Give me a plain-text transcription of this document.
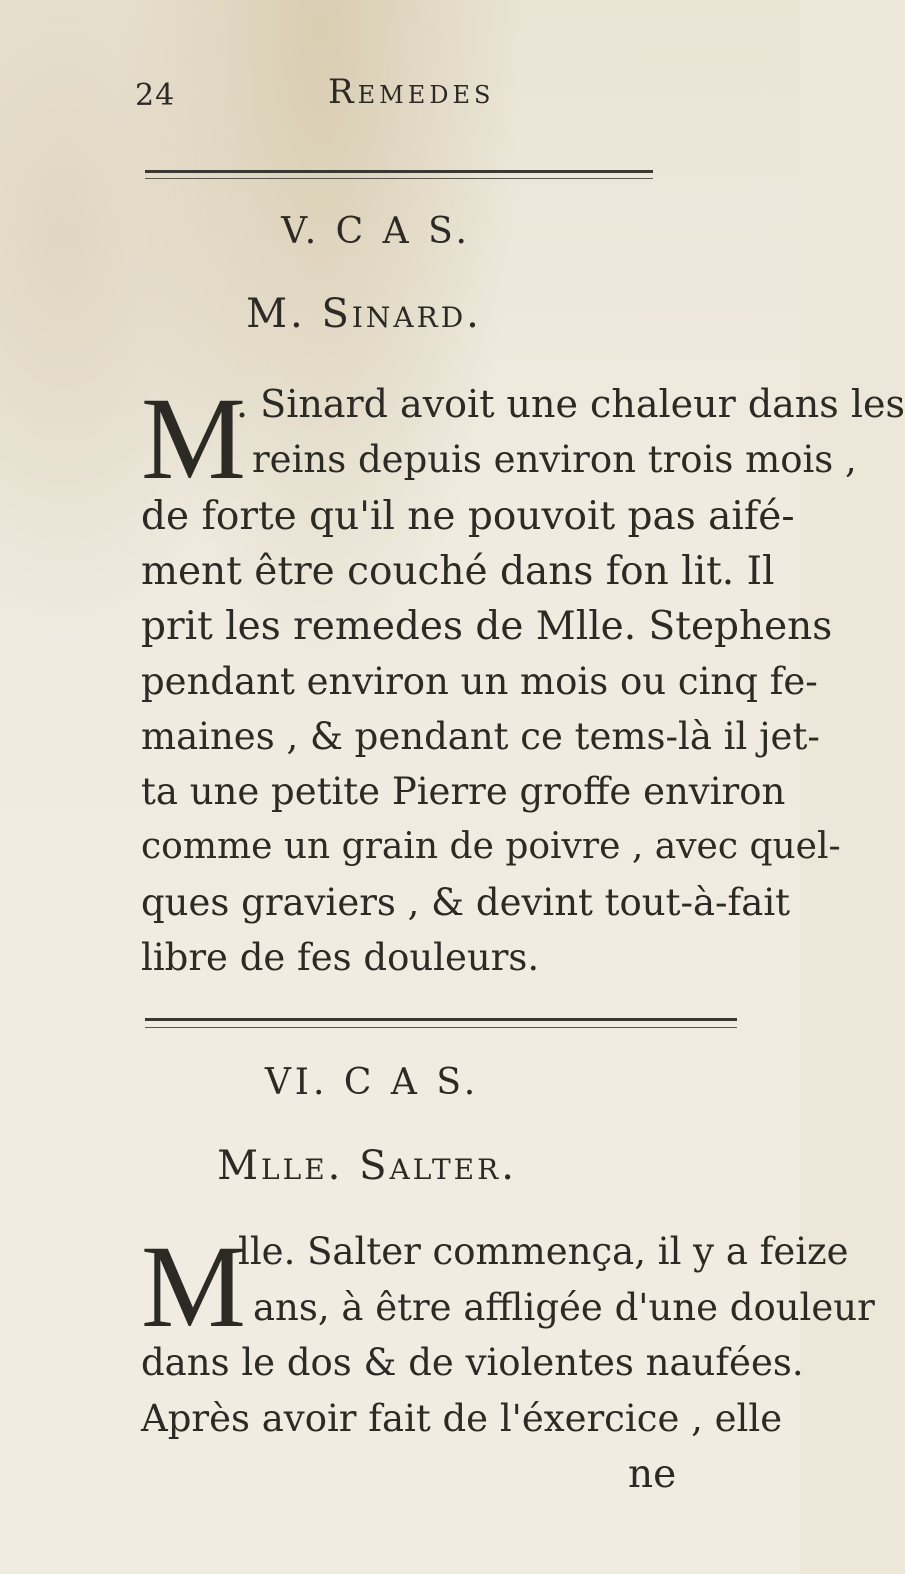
24	Remedes
V. C A S.
M. Sinard.
M
. Sinard avoit une chaleur dans les
reins depuis environ trois mois ,
de forte qu'il ne pouvoit pas aifé-
ment être couché dans fon lit. Il
prit les remedes de Mlle. Stephens
pendant environ un mois ou cinq fe-
maines , & pendant ce tems-là il jet-
ta une petite Pierre groffe environ
comme un grain de poivre , avec quel-
ques graviers , & devint tout-à-fait
libre de fes douleurs.
VI. C A S.
Mlle. Salter.
M
lle. Salter commença, il y a feize
ans, à être affligée d'une douleur
dans le dos & de violentes naufées.
Après avoir fait de l'éxercice , elle
ne
